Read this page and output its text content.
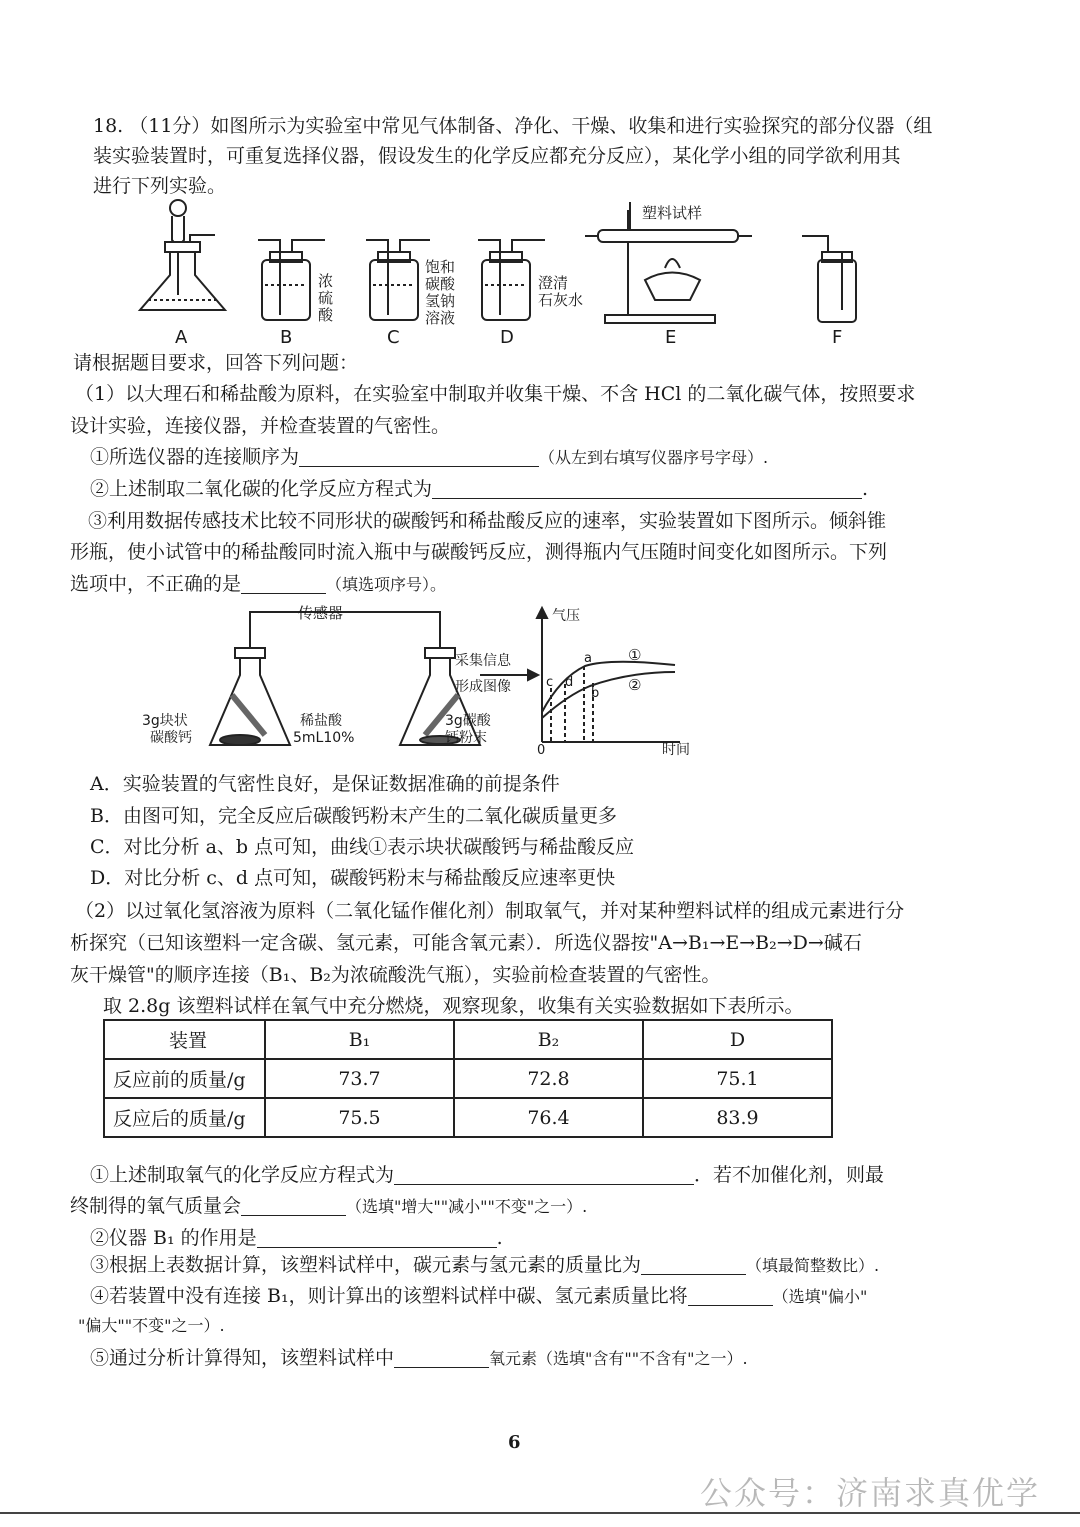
18. （11分）如图所示为实验室中常见气体制备、净化、干燥、收集和进行实验探究的部分仪器（组
装实验装置时，可重复选择仪器，假设发生的化学反应都充分反应），某化学小组的同学欲利用其
进行下列实验。
A	B	C	D	E	F
浓
硫
酸
饱和
碳酸
氢钠
溶液
澄清
石灰水
塑料试样
请根据题目要求，回答下列问题：
（1）以大理石和稀盐酸为原料，在实验室中制取并收集干燥、不含 HCl 的二氧化碳气体，按照要求
设计实验，连接仪器，并检查装置的气密性。
①所选仪器的连接顺序为	（从左到右填写仪器序号字母）.
②上述制取二氧化碳的化学反应方程式为	.
③利用数据传感技术比较不同形状的碳酸钙和稀盐酸反应的速率，实验装置如下图所示。倾斜锥
形瓶，使小试管中的稀盐酸同时流入瓶中与碳酸钙反应，测得瓶内气压随时间变化如图所示。下列
选项中，不正确的是	（填选项序号）。
传感器
3g块状
碳酸钙
稀盐酸
5mL10%
3g碳酸
钙粉末
采集信息
形成图像
气压
时间
0
a
b
c d
①
②
A．实验装置的气密性良好，是保证数据准确的前提条件
B．由图可知，完全反应后碳酸钙粉末产生的二氧化碳质量更多
C．对比分析 a、b 点可知，曲线①表示块状碳酸钙与稀盐酸反应
D．对比分析 c、d 点可知，碳酸钙粉末与稀盐酸反应速率更快
（2）以过氧化氢溶液为原料（二氧化锰作催化剂）制取氧气，并对某种塑料试样的组成元素进行分
析探究（已知该塑料一定含碳、氢元素，可能含氧元素）．所选仪器按"A→B₁→E→B₂→D→碱石
灰干燥管"的顺序连接（B₁、B₂为浓硫酸洗气瓶），实验前检查装置的气密性。
取 2.8g 该塑料试样在氧气中充分燃烧，观察现象，收集有关实验数据如下表所示。
装置	B₁	B₂	D
反应前的质量/g	73.7	72.8	75.1
反应后的质量/g	75.5	76.4	83.9
①上述制取氧气的化学反应方程式为	．若不加催化剂，则最
终制得的氧气质量会	（选填"增大""减小""不变"之一）.
②仪器 B₁ 的作用是	.
③根据上表数据计算，该塑料试样中，碳元素与氢元素的质量比为	（填最简整数比）.
④若装置中没有连接 B₁，则计算出的该塑料试样中碳、氢元素质量比将	（选填"偏小"
"偏大""不变"之一）.
⑤通过分析计算得知，该塑料试样中	氧元素（选填"含有""不含有"之一）.
6
公众号：济南求真优学
